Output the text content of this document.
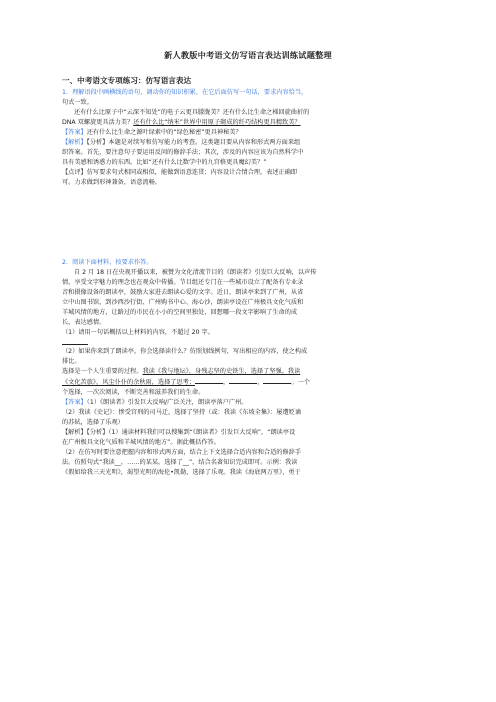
新人教版中考语文仿写语言表达训练试题整理
一、中考语文专项练习：仿写语言表达

1．理解语段中画横线的语句，调动你的知识积累，在它后面仿写一句话，要求内容恰当，

句式一致。

还有什么比原子中“云深不知处”的电子云更具朦胧美？还有什么比生命之梯回旋曲折的

DNA 双螺旋更具活力美？还有什么比“纳米”世界中用原子砌成的纤巧结构更具精致美？

【答案】还有什么比生命之源叶绿素中的“绿色秘密”更具神秘美？

【解析】【分析】本题是对续写和仿写能力的考查。这类题目要从内容和形式两方面来组

织答案。首先，要注意句子要运用反问的修辞手法；其次，涉及的内容应该为自然科学中

具有美感和诱惑力的东西。比如“还有什么比数学中的九宫格更具魔幻美？”

【点评】仿写要求句式相同或相似，能做到语意连贯；内容设计合情合理，表述正确即

可。力求做到形神兼备，语意流畅。

2．阅读下面材料，按要求作答。

自 2 月 18 日在央视开播以来，被赞为文化清流节目的《朗读者》引发巨大反响，以声传

情，享受文字魅力的理念也在观众中传播。节目组还专门在一些城市设立了配备有专业录

音和摄像设备的朗读亭，鼓励大家进去朗读心爱的文字。近日，朗读亭来到了广州，从省

立中山图书馆，到沙西沙行街、广州购书中心、海心沙，朗读亭设在广州极具文化气质和

羊城风情的地方，让路过的市民在小小的空间里独处，回想哪一段文字影响了生命的成

长，表达感情。

（1）请用一句话概括以上材料的内容，不超过 20 字。

（2）如果你来到了朗读亭，你会选择读什么？仿照划线例句，写出相应的内容，使之构成

排比。

选择是一个人生重要的过程。我读《我与地坛》，身残志坚的史铁生，选择了坚强。我读

《文化苦旅》，风尘仆仆的余秋雨，选择了思考；	，	，	。一个

个选择，一次次阅读，不断完善和滋养我们的生命。

【答案】（1）《朗读者》引发巨大反响/广泛关注，朗读亭落户广州。

（2）我读《史记》：惨受宫刑的司马迁，选择了坚持（或：我读《东坡全集》：屡遭贬谪

的苏轼，选择了乐观）

【解析】【分析】（1）通读材料我们可以搜集到“《朗读者》引发巨大反响”，“朗读亭设

在广州极具文化气质和羊城风情的地方”。据此概括作答。

（2）在仿写时要注意把握内容和形式两方面，结合上下文选择合适内容和合适的修辞手

法。仿照句式“我读__，……的某某，选择了__”，结合名著知识完成即可。示例：我读

《假如给我三天光明》，渴望光明的海伦•凯勒，选择了乐观。我读《海底两万里》，勇于
